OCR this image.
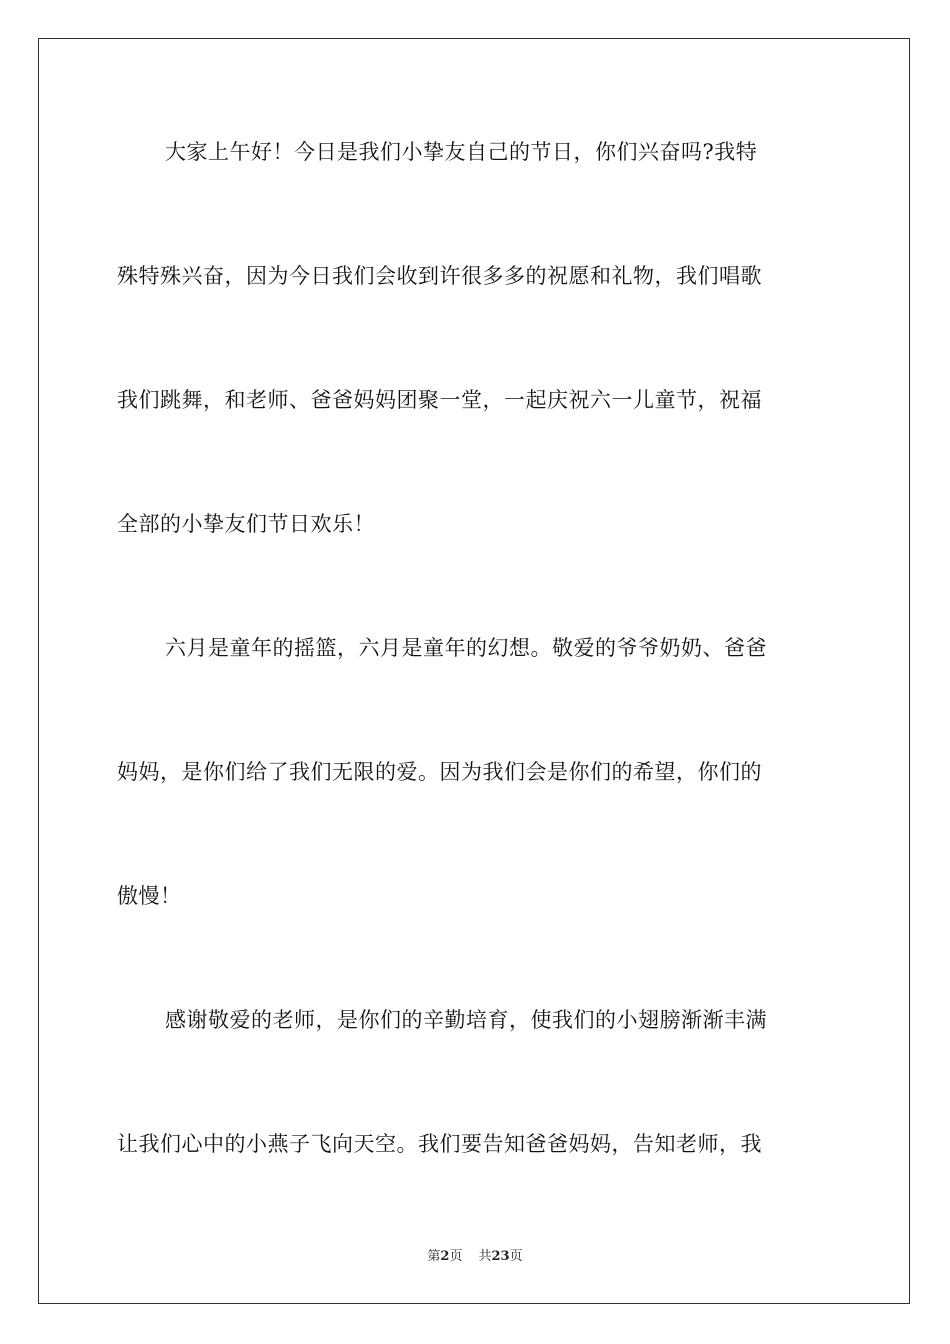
大家上午好！今日是我们小挚友自己的节日，你们兴奋吗?我特
殊特殊兴奋，因为今日我们会收到许很多多的祝愿和礼物，我们唱歌
我们跳舞，和老师、爸爸妈妈团聚一堂，一起庆祝六一儿童节，祝福
全部的小挚友们节日欢乐！
六月是童年的摇篮，六月是童年的幻想。敬爱的爷爷奶奶、爸爸
妈妈，是你们给了我们无限的爱。因为我们会是你们的希望，你们的
傲慢！
感谢敬爱的老师，是你们的辛勤培育，使我们的小翅膀渐渐丰满
让我们心中的小燕子飞向天空。我们要告知爸爸妈妈，告知老师，我
第2页 共23页
